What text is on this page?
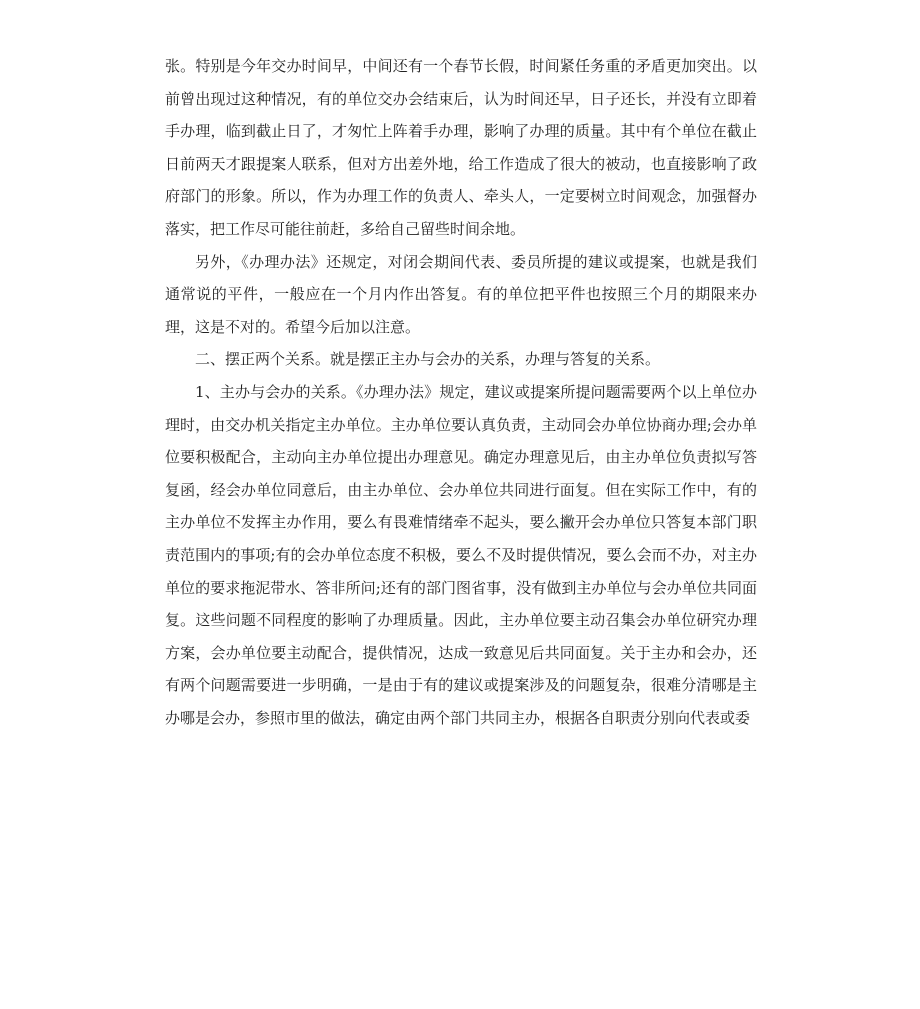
张。特别是今年交办时间早，中间还有一个春节长假，时间紧任务重的矛盾更加突出。以前曾出现过这种情况，有的单位交办会结束后，认为时间还早，日子还长，并没有立即着手办理，临到截止日了，才匆忙上阵着手办理，影响了办理的质量。其中有个单位在截止日前两天才跟提案人联系，但对方出差外地，给工作造成了很大的被动，也直接影响了政府部门的形象。所以，作为办理工作的负责人、牵头人，一定要树立时间观念，加强督办落实，把工作尽可能往前赶，多给自己留些时间余地。

另外，《办理办法》还规定，对闭会期间代表、委员所提的建议或提案，也就是我们通常说的平件，一般应在一个月内作出答复。有的单位把平件也按照三个月的期限来办理，这是不对的。希望今后加以注意。

二、摆正两个关系。就是摆正主办与会办的关系，办理与答复的关系。

1、主办与会办的关系。《办理办法》规定，建议或提案所提问题需要两个以上单位办理时，由交办机关指定主办单位。主办单位要认真负责，主动同会办单位协商办理;会办单位要积极配合，主动向主办单位提出办理意见。确定办理意见后，由主办单位负责拟写答复函，经会办单位同意后，由主办单位、会办单位共同进行面复。但在实际工作中，有的主办单位不发挥主办作用，要么有畏难情绪牵不起头，要么撇开会办单位只答复本部门职责范围内的事项;有的会办单位态度不积极，要么不及时提供情况，要么会而不办，对主办单位的要求拖泥带水、答非所问;还有的部门图省事，没有做到主办单位与会办单位共同面复。这些问题不同程度的影响了办理质量。因此，主办单位要主动召集会办单位研究办理方案，会办单位要主动配合，提供情况，达成一致意见后共同面复。关于主办和会办，还有两个问题需要进一步明确，一是由于有的建议或提案涉及的问题复杂，很难分清哪是主办哪是会办，参照市里的做法，确定由两个部门共同主办，根据各自职责分别向代表或委
